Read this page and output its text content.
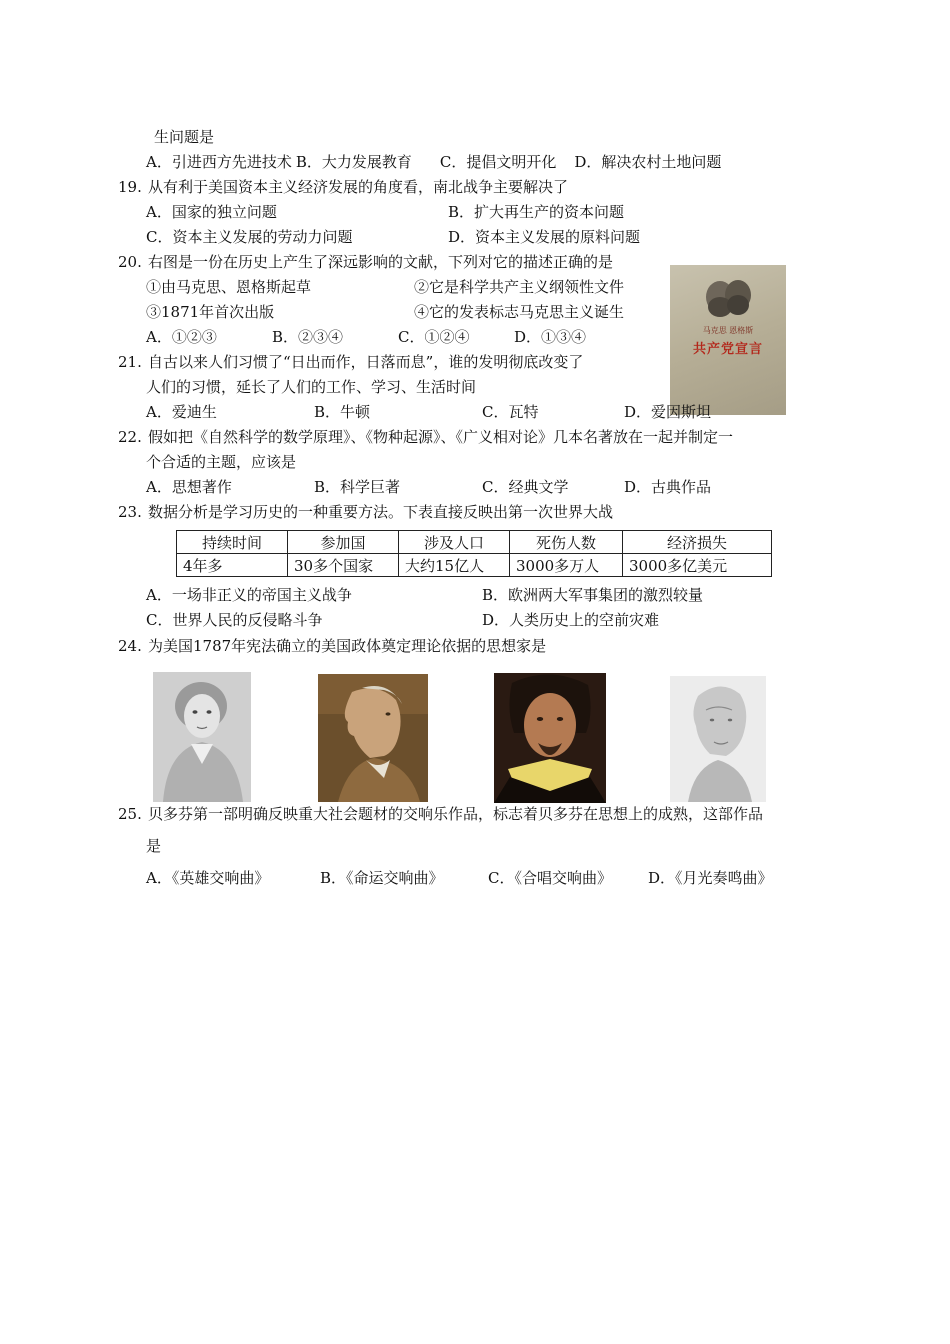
生问题是
A．引进西方先进技术 B．大力发展教育 C．提倡文明开化 D．解决农村土地问题
19. 从有利于美国资本主义经济发展的角度看，南北战争主要解决了
A．国家的独立问题	B．扩大再生产的资本问题
C．资本主义发展的劳动力问题	D．资本主义发展的原料问题
20. 右图是一份在历史上产生了深远影响的文献，下列对它的描述正确的是
①由马克思、恩格斯起草	②它是科学共产主义纲领性文件
③1871年首次出版	④它的发表标志马克思主义诞生
A．①②③	B．②③④	C．①②④	D．①③④	马克思 恩格斯
共产党宣言
21. 自古以来人们习惯了“日出而作，日落而息”，谁的发明彻底改变了
人们的习惯，延长了人们的工作、学习、生活时间
A．爱迪生	B．牛顿	C．瓦特	D．爱因斯坦
22. 假如把《自然科学的数学原理》、《物种起源》、《广义相对论》几本名著放在一起并制定一
个合适的主题，应该是
A．思想著作	B．科学巨著	C．经典文学	D．古典作品
23. 数据分析是学习历史的一种重要方法。下表直接反映出第一次世界大战
持续时间	参加国	涉及人口	死伤人数	经济损失
4年多	30多个国家	大约15亿人	3000多万人	3000多亿美元
A．一场非正义的帝国主义战争	B．欧洲两大军事集团的激烈较量
C．世界人民的反侵略斗争	D．人类历史上的空前灾难
24. 为美国1787年宪法确立的美国政体奠定理论依据的思想家是
25. 贝多芬第一部明确反映重大社会题材的交响乐作品，标志着贝多芬在思想上的成熟，这部作品
是
A．《英雄交响曲》	B．《命运交响曲》	C．《合唱交响曲》 D．《月光奏鸣曲》
